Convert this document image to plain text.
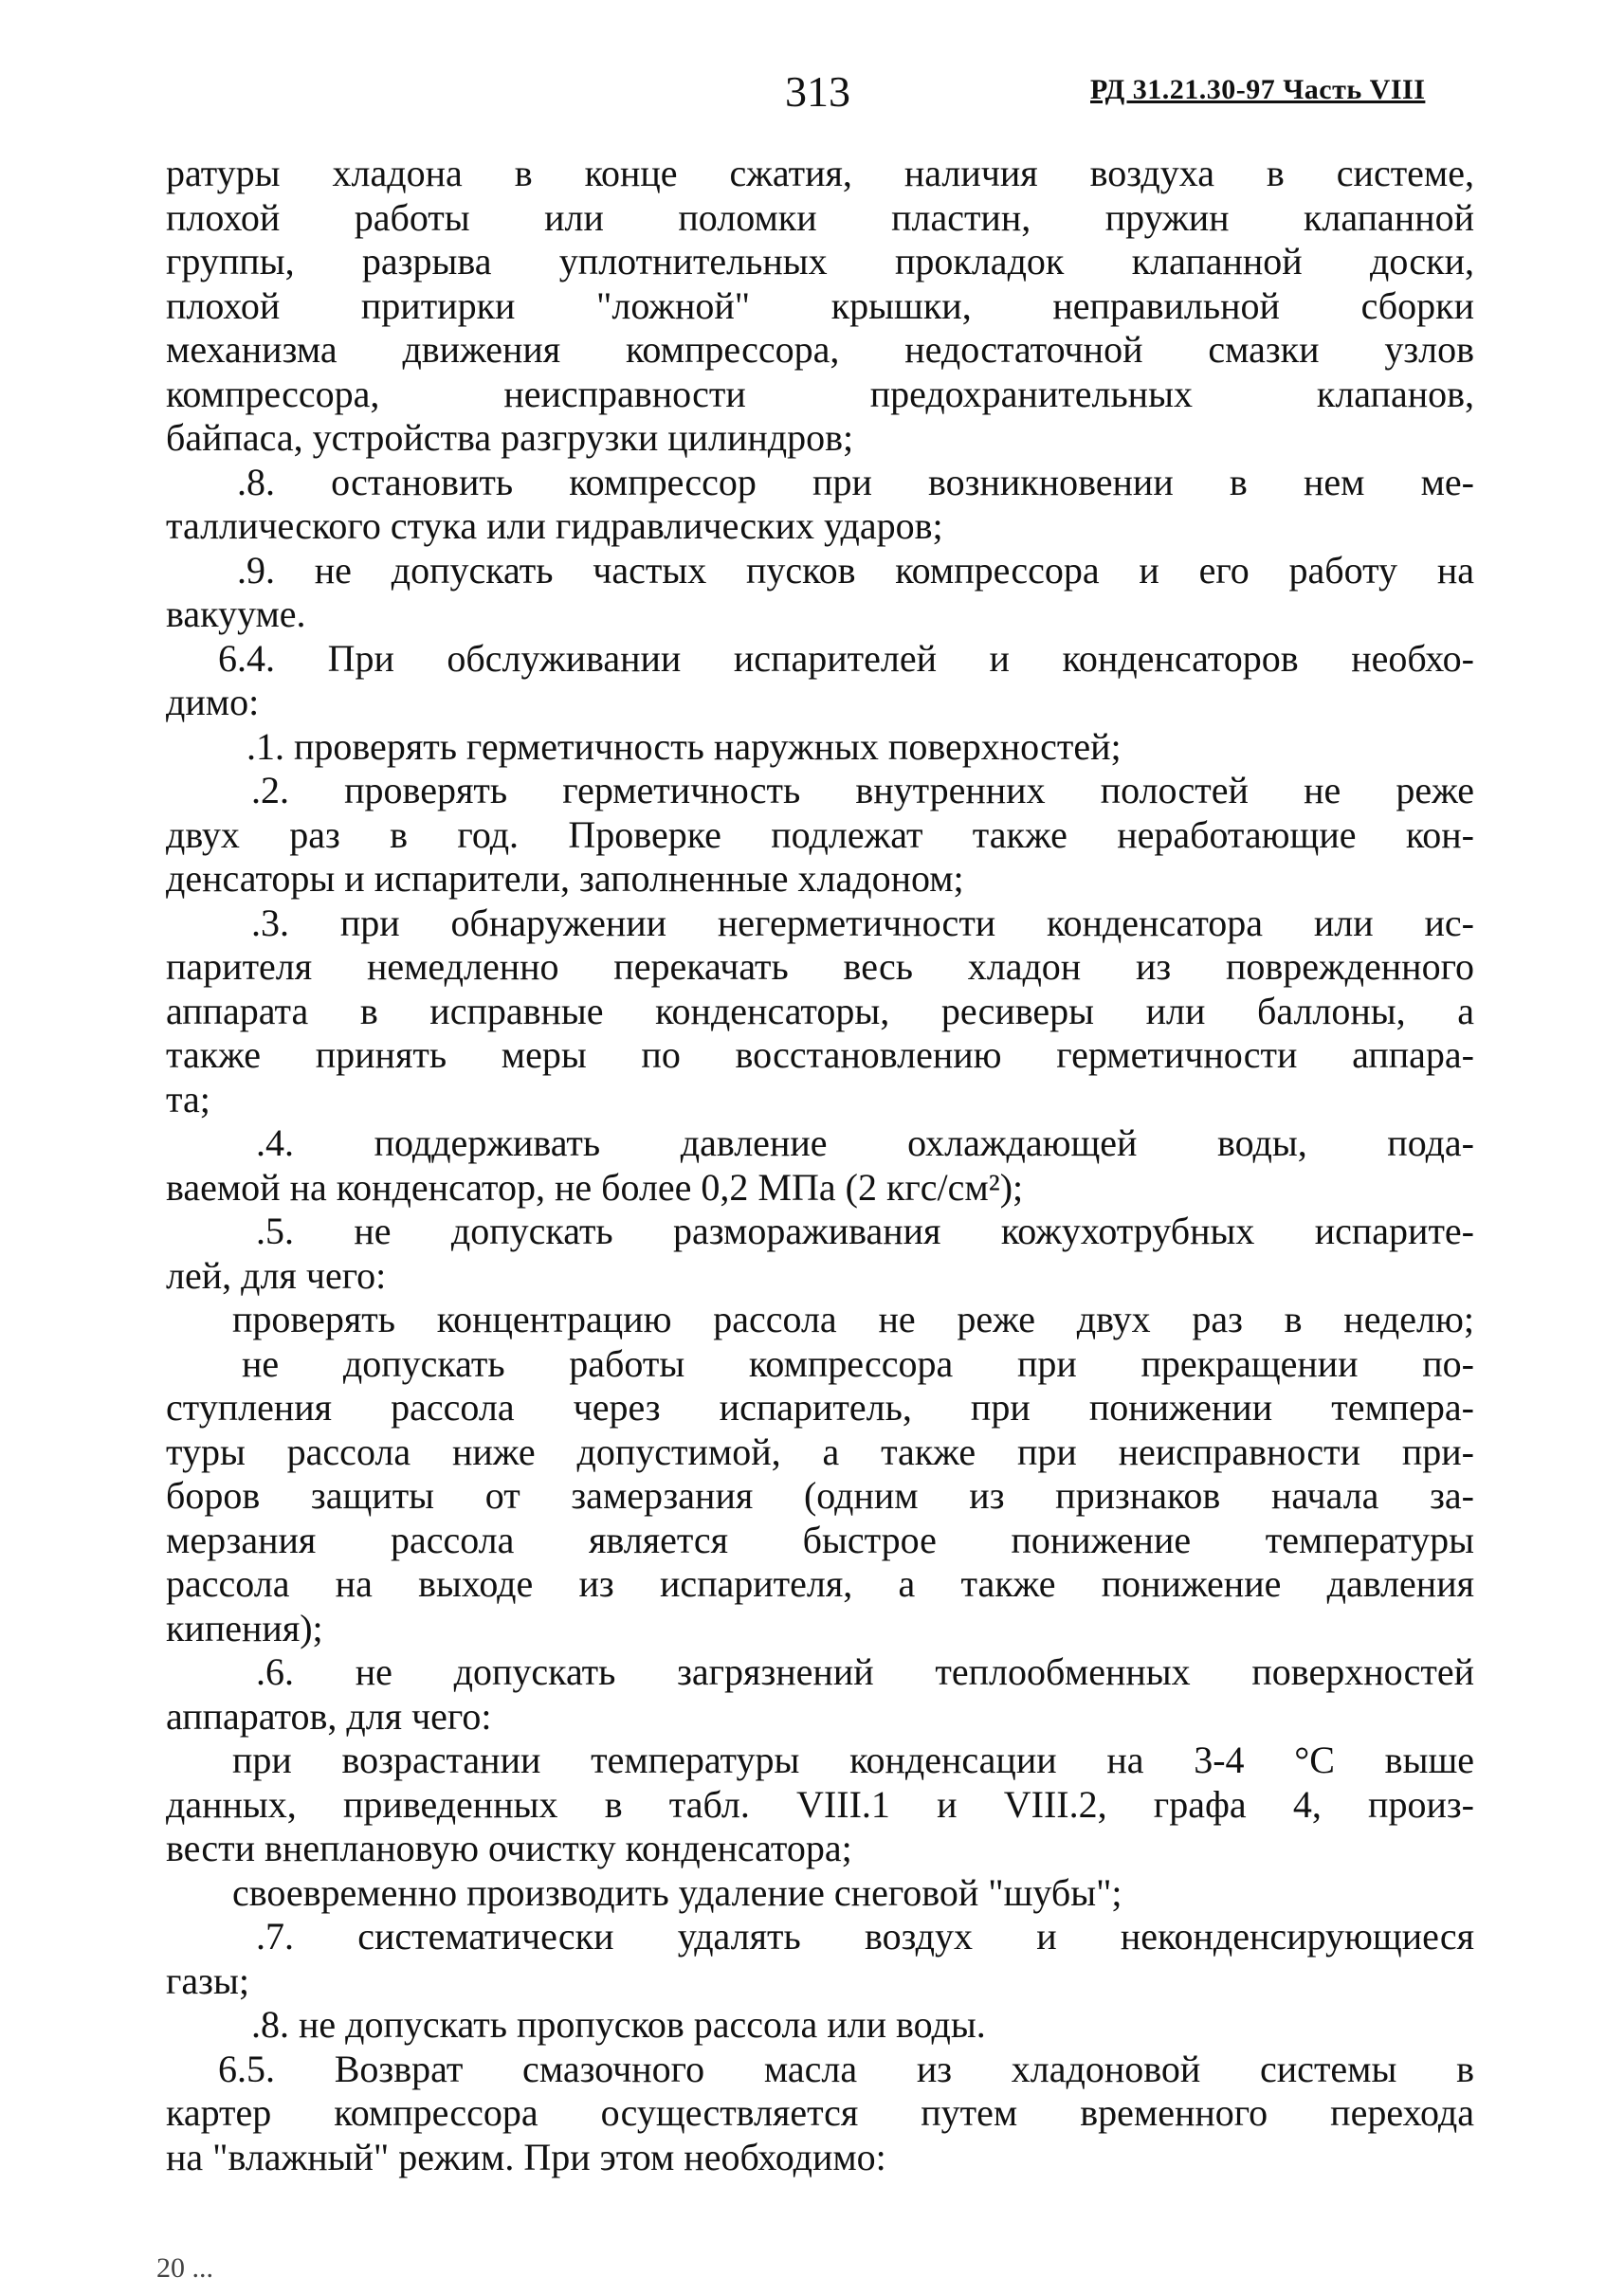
313	РД 31.21.30-97 Часть VIII
ратуры хладона в конце сжатия, наличия воздуха в системе,
плохой работы или поломки пластин, пружин клапанной
группы, разрыва уплотнительных прокладок клапанной доски,
плохой притирки "ложной" крышки, неправильной сборки
механизма движения компрессора, недостаточной смазки узлов
компрессора, неисправности предохранительных клапанов,
байпаса, устройства разгрузки цилиндров;
.8. остановить компрессор при возникновении в нем ме-
таллического стука или гидравлических ударов;
.9. не допускать частых пусков компрессора и его работу на
вакууме.
6.4. При обслуживании испарителей и конденсаторов необхо-
димо:
.1. проверять герметичность наружных поверхностей;
.2. проверять герметичность внутренних полостей не реже
двух раз в год. Проверке подлежат также неработающие кон-
денсаторы и испарители, заполненные хладоном;
.3. при обнаружении негерметичности конденсатора или ис-
парителя немедленно перекачать весь хладон из поврежденного
аппарата в исправные конденсаторы, ресиверы или баллоны, а
также принять меры по восстановлению герметичности аппара-
та;
.4. поддерживать давление охлаждающей воды, пода-
ваемой на конденсатор, не более 0,2 МПа (2 кгс/см²);
.5. не допускать размораживания кожухотрубных испарите-
лей, для чего:
проверять концентрацию рассола не реже двух раз в неделю;
не допускать работы компрессора при прекращении по-
ступления рассола через испаритель, при понижении темпера-
туры рассола ниже допустимой, а также при неисправности при-
боров защиты от замерзания (одним из признаков начала за-
мерзания рассола является быстрое понижение температуры
рассола на выходе из испарителя, а также понижение давления
кипения);
.6. не допускать загрязнений теплообменных поверхностей
аппаратов, для чего:
при возрастании температуры конденсации на 3-4 °С выше
данных, приведенных в табл. VIII.1 и VIII.2, графа 4, произ-
вести внеплановую очистку конденсатора;
своевременно производить удаление снеговой "шубы";
.7. систематически удалять воздух и неконденсирующиеся
газы;
.8. не допускать пропусков рассола или воды.
6.5. Возврат смазочного масла из хладоновой системы в
картер компрессора осуществляется путем временного перехода
на "влажный" режим. При этом необходимо:
20 ...
